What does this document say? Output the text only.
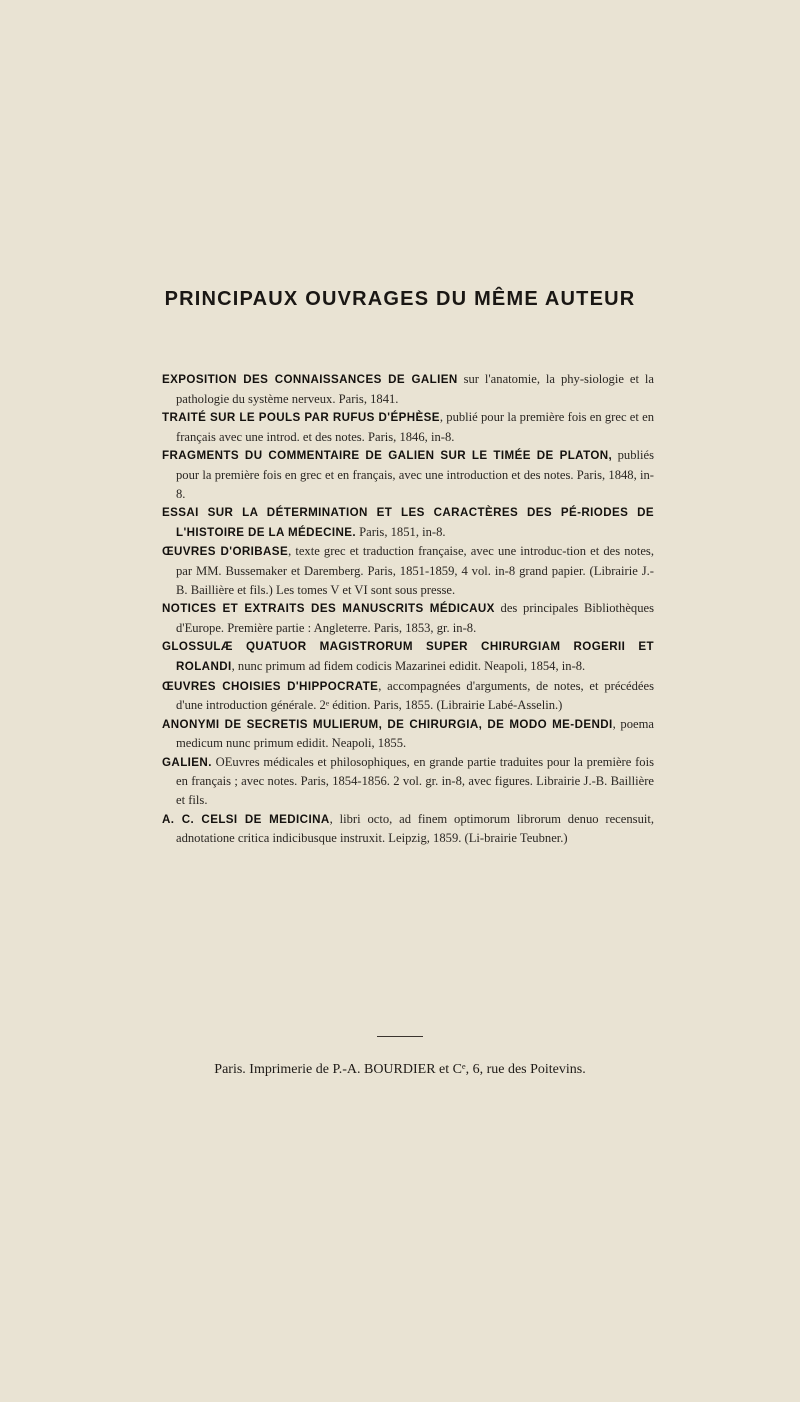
PRINCIPAUX OUVRAGES DU MÊME AUTEUR

EXPOSITION DES CONNAISSANCES DE GALIEN sur l'anatomie, la phy-siologie et la pathologie du système nerveux. Paris, 1841.

TRAITÉ SUR LE POULS PAR RUFUS D'ÉPHÈSE, publié pour la première fois en grec et en français avec une introd. et des notes. Paris, 1846, in-8.

FRAGMENTS DU COMMENTAIRE DE GALIEN SUR LE TIMÉE DE PLATON, publiés pour la première fois en grec et en français, avec une introduction et des notes. Paris, 1848, in-8.

ESSAI SUR LA DÉTERMINATION ET LES CARACTÈRES DES PÉ-RIODES DE L'HISTOIRE DE LA MÉDECINE. Paris, 1851, in-8.

ŒUVRES D'ORIBASE, texte grec et traduction française, avec une introduc-tion et des notes, par MM. Bussemaker et Daremberg. Paris, 1851-1859, 4 vol. in-8 grand papier. (Librairie J.-B. Baillière et fils.) Les tomes V et VI sont sous presse.

NOTICES ET EXTRAITS DES MANUSCRITS MÉDICAUX des principales Bibliothèques d'Europe. Première partie : Angleterre. Paris, 1853, gr. in-8.

GLOSSULÆ QUATUOR MAGISTRORUM SUPER CHIRURGIAM ROGERII ET ROLANDI, nunc primum ad fidem codicis Mazarinei edidit. Neapoli, 1854, in-8.

ŒUVRES CHOISIES D'HIPPOCRATE, accompagnées d'arguments, de notes, et précédées d'une introduction générale. 2ᵉ édition. Paris, 1855. (Librairie Labé-Asselin.)

ANONYMI DE SECRETIS MULIERUM, DE CHIRURGIA, DE MODO ME-DENDI, poema medicum nunc primum edidit. Neapoli, 1855.

GALIEN. OEuvres médicales et philosophiques, en grande partie traduites pour la première fois en français ; avec notes. Paris, 1854-1856. 2 vol. gr. in-8, avec figures. Librairie J.-B. Baillière et fils.

A. C. CELSI DE MEDICINA, libri octo, ad finem optimorum librorum denuo recensuit, adnotatione critica indicibusque instruxit. Leipzig, 1859. (Li-brairie Teubner.)

Paris. Imprimerie de P.-A. BOURDIER et Cᵉ, 6, rue des Poitevins.
